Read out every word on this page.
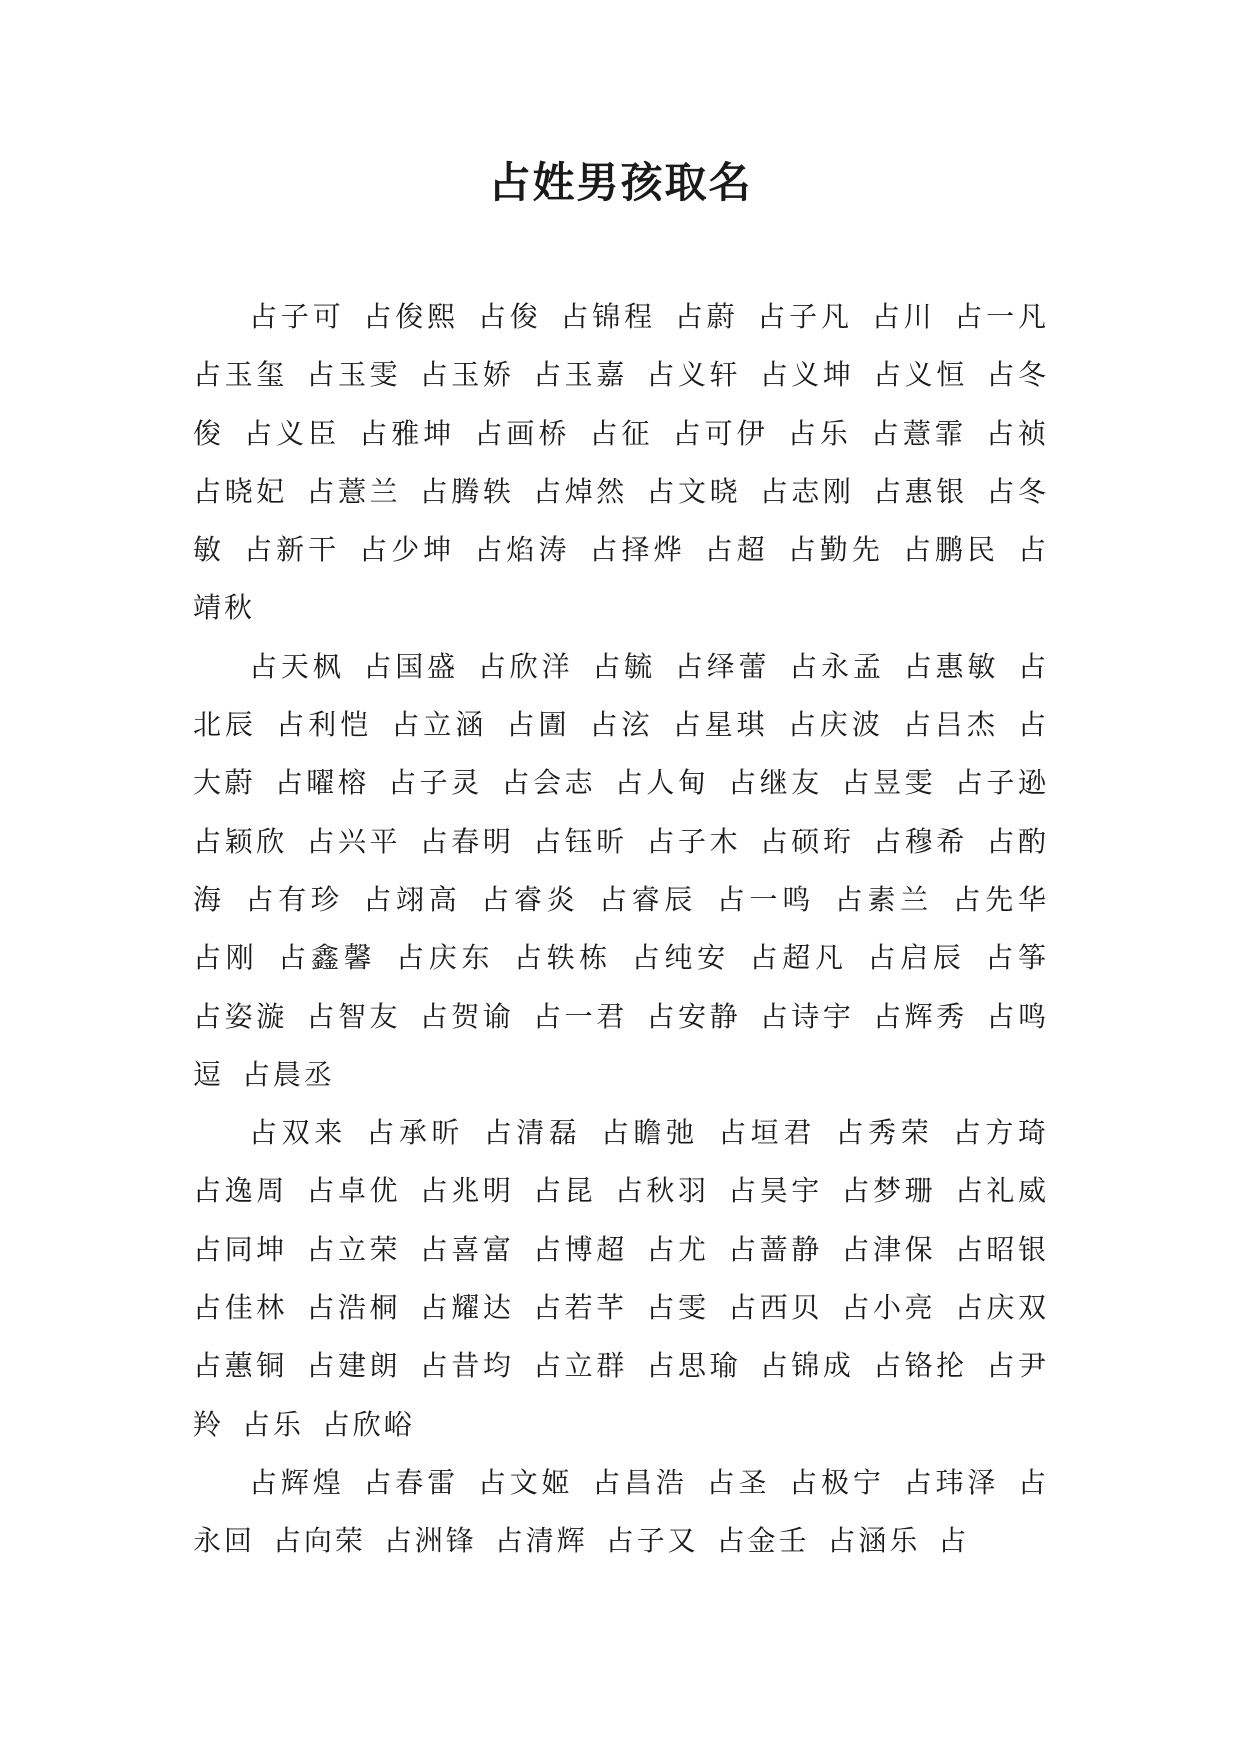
占姓男孩取名

占子可 占俊熙 占俊 占锦程 占蔚 占子凡 占川 占一凡 占玉玺 占玉雯 占玉娇 占玉嘉 占义轩 占义坤 占义恒 占冬俊 占义臣 占雅坤 占画桥 占征 占可伊 占乐 占薏霏 占祯 占晓妃 占薏兰 占腾轶 占焯然 占文晓 占志刚 占惠银 占冬敏 占新干 占少坤 占焰涛 占择烨 占超 占勤先 占鹏民 占靖秋

占天枫 占国盛 占欣洋 占毓 占绎蕾 占永孟 占惠敏 占北辰 占利恺 占立涵 占圊 占泫 占星琪 占庆波 占吕杰 占大蔚 占曜榕 占子灵 占会志 占人甸 占继友 占昱雯 占子逊 占颖欣 占兴平 占春明 占钰昕 占子木 占硕珩 占穆希 占酌海 占有珍 占翊高 占睿炎 占睿辰 占一鸣 占素兰 占先华 占刚 占鑫馨 占庆东 占轶栋 占纯安 占超凡 占启辰 占筝 占姿漩 占智友 占贺谕 占一君 占安静 占诗宇 占辉秀 占鸣逗 占晨丞

占双来 占承昕 占清磊 占瞻弛 占垣君 占秀荣 占方琦 占逸周 占卓优 占兆明 占昆 占秋羽 占昊宇 占梦珊 占礼威 占同坤 占立荣 占喜富 占博超 占尤 占蔷静 占津保 占昭银 占佳林 占浩桐 占耀达 占若芊 占雯 占西贝 占小亮 占庆双 占蕙铜 占建朗 占昔均 占立群 占思瑜 占锦成 占铬抡 占尹羚 占乐 占欣峪

占辉煌 占春雷 占文姬 占昌浩 占圣 占极宁 占玮泽 占永回 占向荣 占洲锋 占清辉 占子又 占金壬 占涵乐 占
